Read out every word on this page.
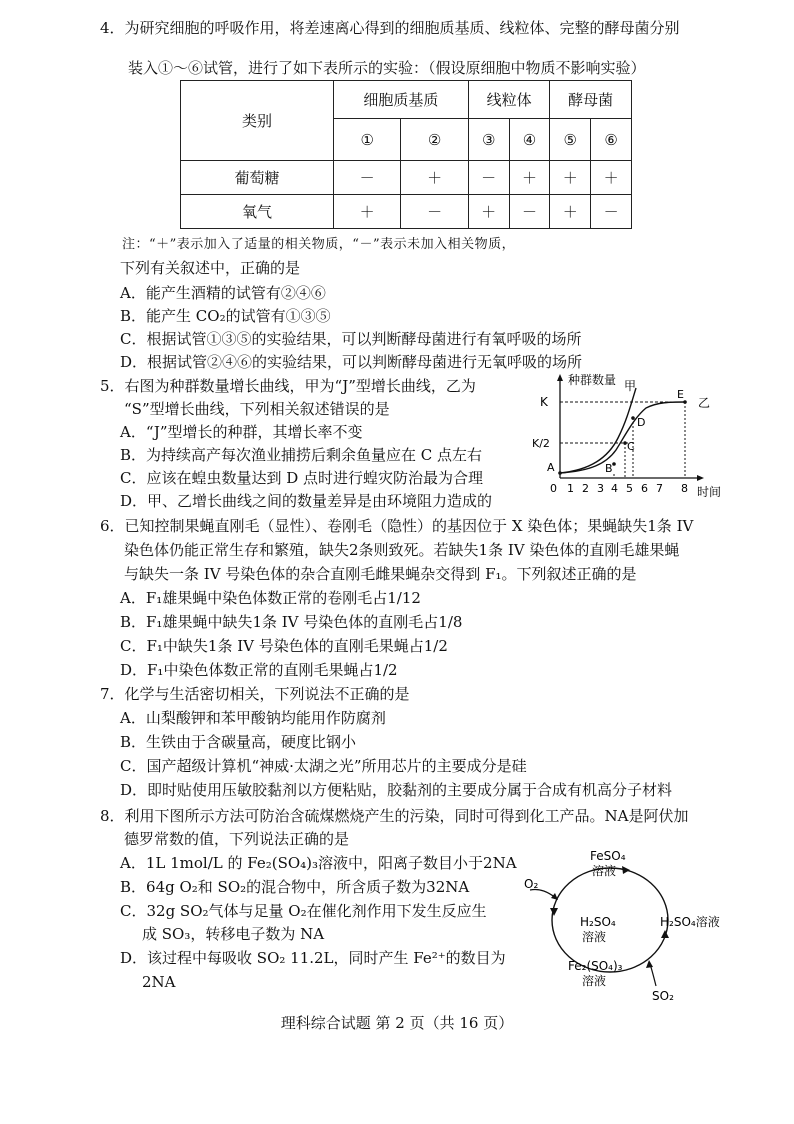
4．为研究细胞的呼吸作用，将差速离心得到的细胞质基质、线粒体、完整的酵母菌分别
装入①～⑥试管，进行了如下表所示的实验：（假设原细胞中物质不影响实验）
类别	细胞质基质		线粒体		酵母菌	
	①	②	③	④	⑤	⑥
葡萄糖	－	＋	－	＋	＋	＋
氧气	＋	－	＋	－	＋	－
注：“＋”表示加入了适量的相关物质，“－”表示未加入相关物质，
下列有关叙述中，正确的是
A．能产生酒精的试管有②④⑥
B．能产生 CO₂的试管有①③⑤
C．根据试管①③⑤的实验结果，可以判断酵母菌进行有氧呼吸的场所
D．根据试管②④⑥的实验结果，可以判断酵母菌进行无氧呼吸的场所
5．右图为种群数量增长曲线，甲为“J”型增长曲线，乙为
“S”型增长曲线，下列相关叙述错误的是
A．“J”型增长的种群，其增长率不变
B．为持续高产每次渔业捕捞后剩余鱼量应在 C 点左右
C．应该在蝗虫数量达到 D 点时进行蝗灾防治最为合理
D．甲、乙增长曲线之间的数量差异是由环境阻力造成的
种群数量
时间
K
K/2
A	B
C
D
E
甲
乙
0 1 2 3 4 5 6 7 8
6．已知控制果蝇直刚毛（显性）、卷刚毛（隐性）的基因位于 X 染色体；果蝇缺失1条 IV
染色体仍能正常生存和繁殖，缺失2条则致死。若缺失1条 IV 染色体的直刚毛雄果蝇
与缺失一条 IV 号染色体的杂合直刚毛雌果蝇杂交得到 F₁。下列叙述正确的是
A．F₁雄果蝇中染色体数正常的卷刚毛占1/12
B．F₁雄果蝇中缺失1条 IV 号染色体的直刚毛占1/8
C．F₁中缺失1条 IV 号染色体的直刚毛果蝇占1/2
D．F₁中染色体数正常的直刚毛果蝇占1/2
7．化学与生活密切相关，下列说法不正确的是
A．山梨酸钾和苯甲酸钠均能用作防腐剂
B．生铁由于含碳量高，硬度比钢小
C．国产超级计算机“神威·太湖之光”所用芯片的主要成分是硅
D．即时贴使用压敏胶黏剂以方便粘贴，胶黏剂的主要成分属于合成有机高分子材料
8．利用下图所示方法可防治含硫煤燃烧产生的污染，同时可得到化工产品。NA是阿伏加
德罗常数的值，下列说法正确的是
A．1L 1mol/L 的 Fe₂(SO₄)₃溶液中，阳离子数目小于2NA
B．64g O₂和 SO₂的混合物中，所含质子数为32NA
C．32g SO₂气体与足量 O₂在催化剂作用下发生反应生
成 SO₃，转移电子数为 NA
D．该过程中每吸收 SO₂ 11.2L，同时产生 Fe²⁺的数目为
2NA
FeSO₄
溶液
O₂
H₂SO₄
溶液
H₂SO₄溶液
Fe₂(SO₄)₃
溶液
SO₂
理科综合试题 第 2 页（共 16 页）
